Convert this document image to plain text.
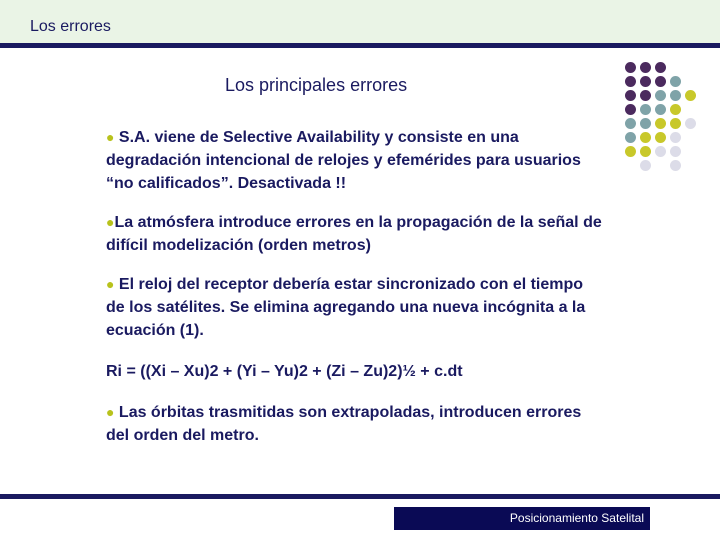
Los errores
Los principales errores

● S.A. viene de Selective Availability y consiste en una degradación intencional de relojes y efemérides para usuarios “no calificados”. Desactivada !!

●La atmósfera introduce errores en la propagación de la señal de difícil modelización (orden metros)

● El reloj del receptor debería estar sincronizado con el tiempo de los satélites. Se elimina agregando una nueva incógnita a la ecuación (1).

Ri = ((Xi – Xu)2 + (Yi – Yu)2 + (Zi – Zu)2)½ + c.dt

● Las órbitas trasmitidas son extrapoladas, introducen errores del orden del metro.

Posicionamiento Satelital
